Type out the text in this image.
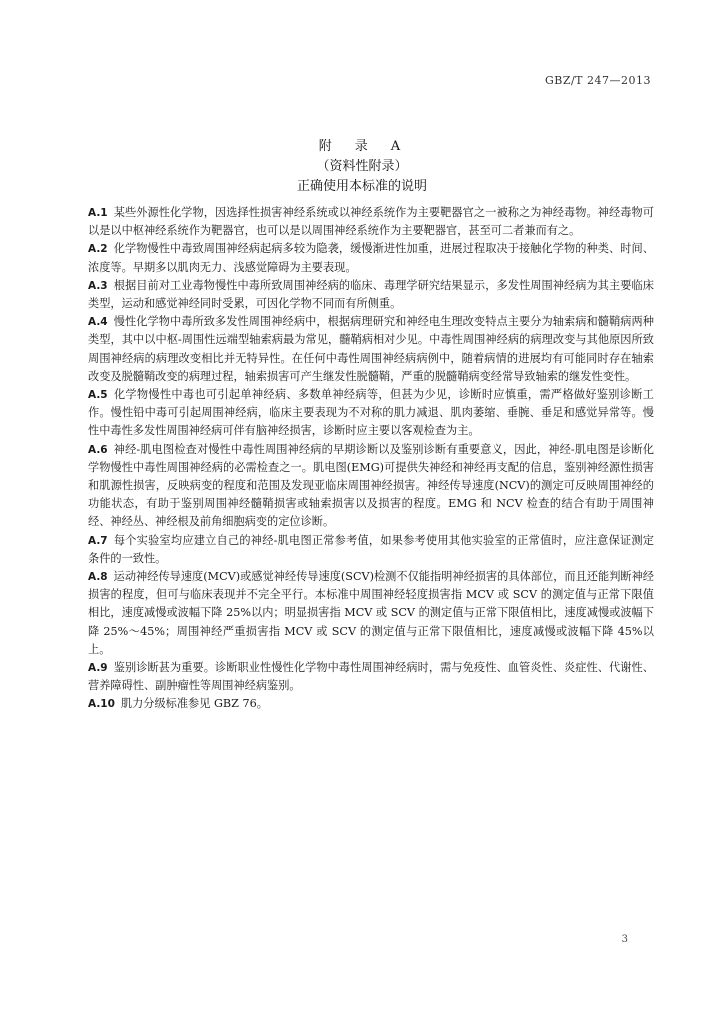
GBZ/T 247—2013
附　录　A
（资料性附录）
正确使用本标准的说明

A.1 某些外源性化学物，因选择性损害神经系统或以神经系统作为主要靶器官之一被称之为神经毒物。神经毒物可以是以中枢神经系统作为靶器官，也可以是以周围神经系统作为主要靶器官，甚至可二者兼而有之。

A.2 化学物慢性中毒致周围神经病起病多较为隐袭，缓慢渐进性加重，进展过程取决于接触化学物的种类、时间、浓度等。早期多以肌肉无力、浅感觉障碍为主要表现。

A.3 根据目前对工业毒物慢性中毒所致周围神经病的临床、毒理学研究结果显示，多发性周围神经病为其主要临床类型，运动和感觉神经同时受累，可因化学物不同而有所侧重。

A.4 慢性化学物中毒所致多发性周围神经病中，根据病理研究和神经电生理改变特点主要分为轴索病和髓鞘病两种类型，其中以中枢-周围性远端型轴索病最为常见，髓鞘病相对少见。中毒性周围神经病的病理改变与其他原因所致周围神经病的病理改变相比并无特异性。在任何中毒性周围神经病病例中，随着病情的进展均有可能同时存在轴索改变及脱髓鞘改变的病理过程，轴索损害可产生继发性脱髓鞘，严重的脱髓鞘病变经常导致轴索的继发性变性。

A.5 化学物慢性中毒也可引起单神经病、多数单神经病等，但甚为少见，诊断时应慎重，需严格做好鉴别诊断工作。慢性铅中毒可引起周围神经病，临床主要表现为不对称的肌力减退、肌肉萎缩、垂腕、垂足和感觉异常等。慢性中毒性多发性周围神经病可伴有脑神经损害，诊断时应主要以客观检查为主。

A.6 神经-肌电图检查对慢性中毒性周围神经病的早期诊断以及鉴别诊断有重要意义，因此，神经-肌电图是诊断化学物慢性中毒性周围神经病的必需检查之一。肌电图(EMG)可提供失神经和神经再支配的信息，鉴别神经源性损害和肌源性损害，反映病变的程度和范围及发现亚临床周围神经损害。神经传导速度(NCV)的测定可反映周围神经的功能状态，有助于鉴别周围神经髓鞘损害或轴索损害以及损害的程度。EMG 和 NCV 检查的结合有助于周围神经、神经丛、神经根及前角细胞病变的定位诊断。

A.7 每个实验室均应建立自己的神经-肌电图正常参考值，如果参考使用其他实验室的正常值时，应注意保证测定条件的一致性。

A.8 运动神经传导速度(MCV)或感觉神经传导速度(SCV)检测不仅能指明神经损害的具体部位，而且还能判断神经损害的程度，但可与临床表现并不完全平行。本标准中周围神经轻度损害指 MCV 或 SCV 的测定值与正常下限值相比，速度减慢或波幅下降 25%以内；明显损害指 MCV 或 SCV 的测定值与正常下限值相比，速度减慢或波幅下降 25%～45%；周围神经严重损害指 MCV 或 SCV 的测定值与正常下限值相比，速度减慢或波幅下降 45%以上。

A.9 鉴别诊断甚为重要。诊断职业性慢性化学物中毒性周围神经病时，需与免疫性、血管炎性、炎症性、代谢性、营养障碍性、副肿瘤性等周围神经病鉴别。

A.10 肌力分级标准参见 GBZ 76。

3
